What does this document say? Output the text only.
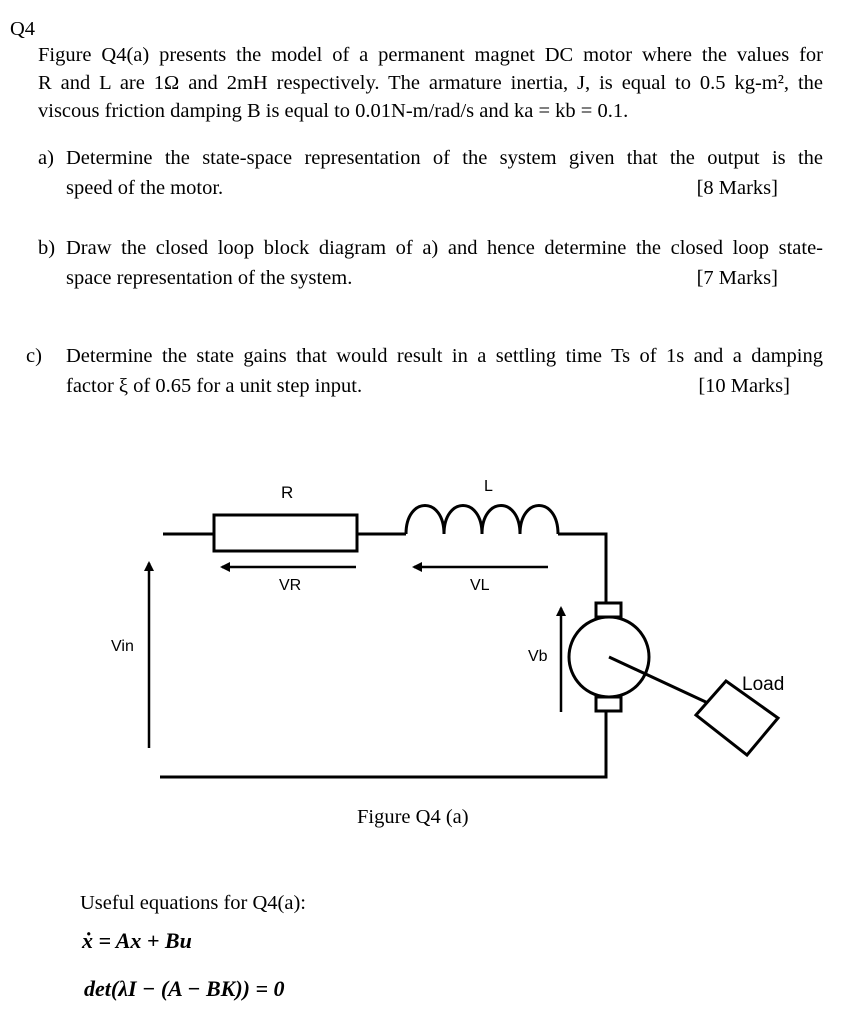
Q4
Figure Q4(a) presents the model of a permanent magnet DC motor where the values for
R and L are 1Ω and 2mH respectively. The armature inertia, J, is equal to 0.5 kg-m², the
viscous friction damping B is equal to 0.01N-m/rad/s and ka = kb = 0.1.
a) Determine the state-space representation of the system given that the output is the
speed of the motor.	[8 Marks]
b) Draw the closed loop block diagram of a) and hence determine the closed loop state-
space representation of the system.	[7 Marks]
c) Determine the state gains that would result in a settling time Ts of 1s and a damping
factor ξ of 0.65 for a unit step input.	[10 Marks]
R	L
VR	VL
Vin
Vb
Load
Figure Q4 (a)
Useful equations for Q4(a):
ẋ = Ax + Bu
det(λI − (A − BK)) = 0
